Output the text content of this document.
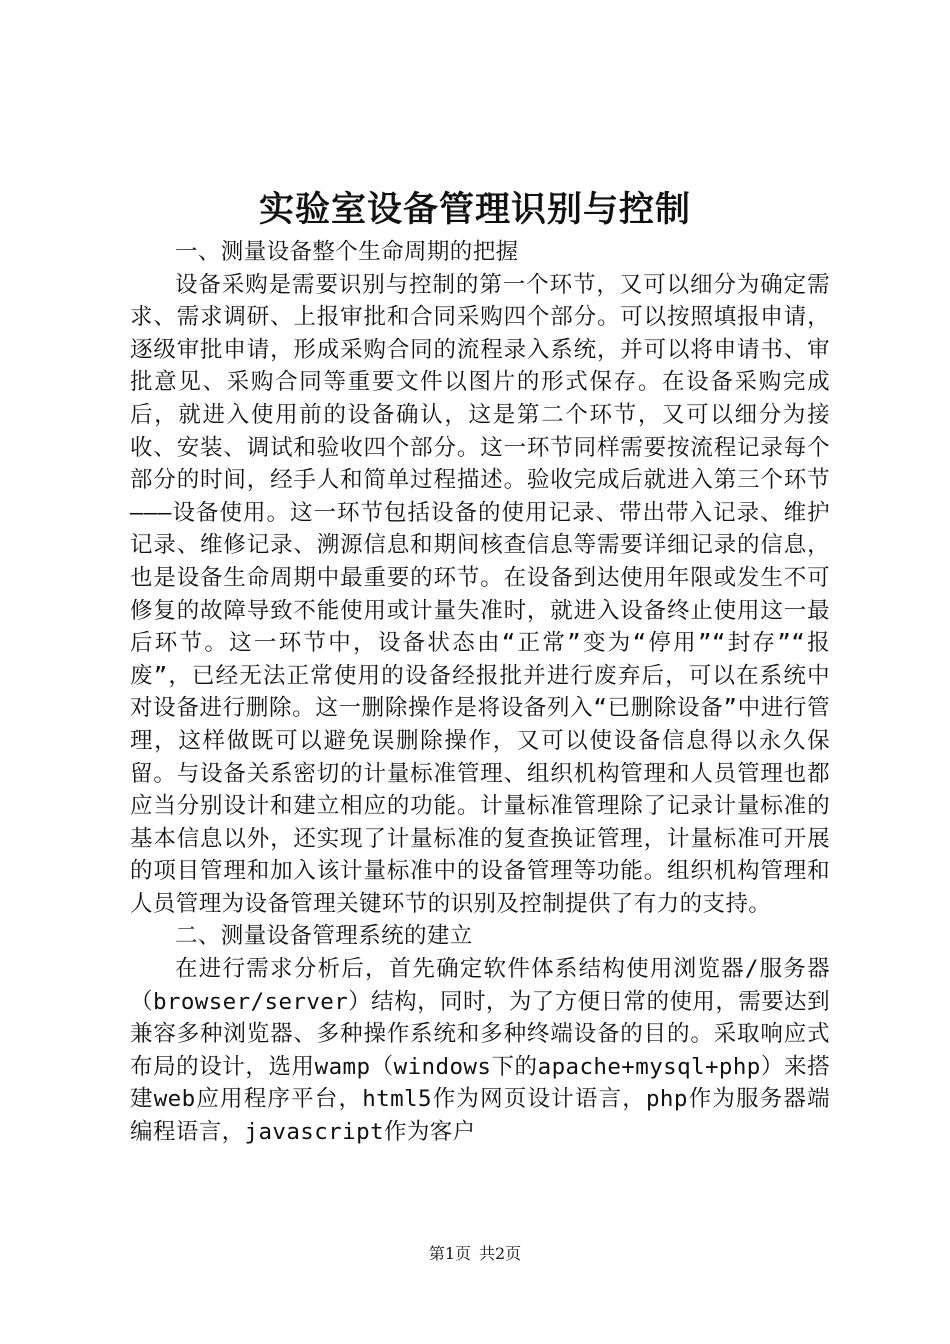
实验室设备管理识别与控制

一、测量设备整个生命周期的把握

设备采购是需要识别与控制的第一个环节，又可以细分为确定需求、需求调研、上报审批和合同采购四个部分。可以按照填报申请，逐级审批申请，形成采购合同的流程录入系统，并可以将申请书、审批意见、采购合同等重要文件以图片的形式保存。在设备采购完成后，就进入使用前的设备确认，这是第二个环节，又可以细分为接收、安装、调试和验收四个部分。这一环节同样需要按流程记录每个部分的时间，经手人和简单过程描述。验收完成后就进入第三个环节———设备使用。这一环节包括设备的使用记录、带出带入记录、维护记录、维修记录、溯源信息和期间核查信息等需要详细记录的信息，也是设备生命周期中最重要的环节。在设备到达使用年限或发生不可修复的故障导致不能使用或计量失准时，就进入设备终止使用这一最后环节。这一环节中，设备状态由“正常”变为“停用”“封存”“报废”，已经无法正常使用的设备经报批并进行废弃后，可以在系统中对设备进行删除。这一删除操作是将设备列入“已删除设备”中进行管理，这样做既可以避免误删除操作，又可以使设备信息得以永久保留。与设备关系密切的计量标准管理、组织机构管理和人员管理也都应当分别设计和建立相应的功能。计量标准管理除了记录计量标准的基本信息以外，还实现了计量标准的复查换证管理，计量标准可开展的项目管理和加入该计量标准中的设备管理等功能。组织机构管理和人员管理为设备管理关键环节的识别及控制提供了有力的支持。

二、测量设备管理系统的建立

在进行需求分析后，首先确定软件体系结构使用浏览器/服务器（browser/server）结构，同时，为了方便日常的使用，需要达到兼容多种浏览器、多种操作系统和多种终端设备的目的。采取响应式布局的设计，选用wamp（windows下的apache+mysql+php）来搭建web应用程序平台，html5作为网页设计语言，php作为服务器端编程语言，javascript作为客户

第1页 共2页
